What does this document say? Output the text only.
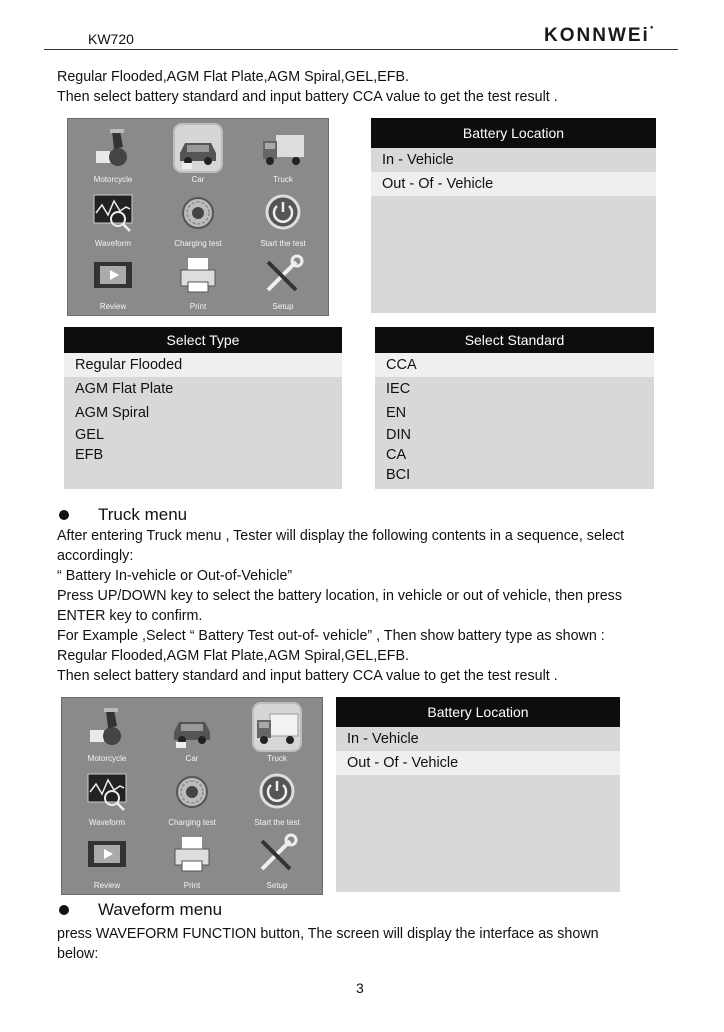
KW720	KONNWEi●
Regular Flooded,AGM Flat Plate,AGM Spiral,GEL,EFB.
Then select battery standard and input battery CCA value to get the test result .
Motorcycle	Car	Truck
Waveform	Charging test	Start the test
Review	Print	Setup
Battery Location
In - Vehicle
Out - Of - Vehicle
Select Type
Regular Flooded
AGM Flat Plate
AGM Spiral
GEL
EFB
Select Standard
CCA
IEC
EN
DIN
CA
BCI
Truck menu
After entering Truck menu , Tester will display the following contents in a sequence, select
accordingly:
“ Battery In-vehicle or Out-of-Vehicle”
Press UP/DOWN key to select the battery location, in vehicle or out of vehicle, then press
ENTER key to confirm.
For Example ,Select “ Battery Test out-of- vehicle” , Then show battery type as shown :
Regular Flooded,AGM Flat Plate,AGM Spiral,GEL,EFB.
Then select battery standard and input battery CCA value to get the test result .
Motorcycle	Car	Truck
Waveform	Charging test	Start the test
Review	Print	Setup
Battery Location
In - Vehicle
Out - Of - Vehicle
Waveform menu
press WAVEFORM FUNCTION button, The screen will display the interface as shown
below:
3
